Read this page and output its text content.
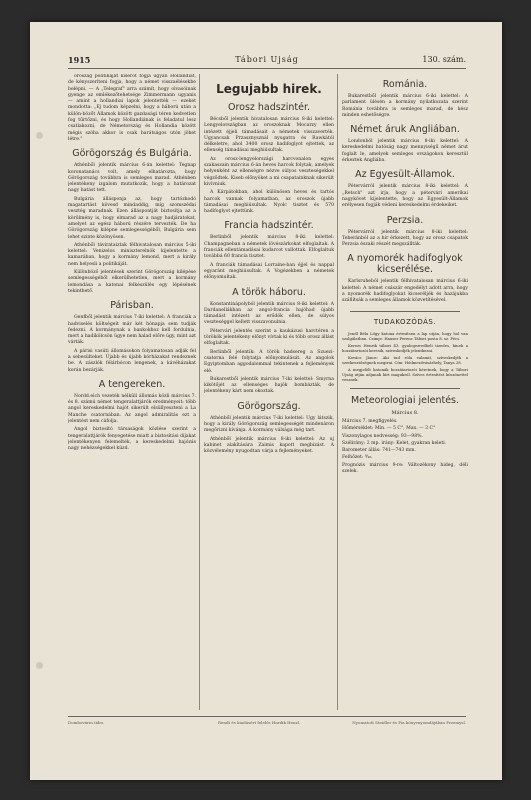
1915	Tábori Ujság	130. szám.

oroszág politikáját kisérőt fogja ugyan Hollandiát, de kényszeríteni fogja, hogy a német visszaélésekbe belépni. — A „Telegraf" arra számít, hogy olvasóinak gyenge az emlékezőtehetsége Zimmermann ugyanis — amint a hollandiai lapok jelentették — ezeket mondotta: „Ej tudom képzelni, hogy a háború után a külön-bözőt Államok között gazdasági téren kedvetlen fog tűrtőzni, és hogy Hollandiának is feladatul lesz csatlakozni, de Németország és Hollandia között mégis szóba akkor is csak barátságos utón jöhet létre."

Görögország és Bulgária.

Athénből jelentik március 6-án kelettel: Tegnap koronatanács volt, amely elhatározta, hogy Görögország továbbra is semleges marad. Athénben jelentékeny izgalom mutatkozik, hogy a határozat nagy hatást tett.

Bulgária állásponja az, hogy tartózkodó magatartást kövesd mindaddig, míg szomszédai vesztég maradnak. Ezen álláspontját biztosítja az a körülmény is, hogy elmarad az a nagy hadjáratokat, amelyet az egész háború részére tervezték. De ha Görögország kilépne semlegességéből, Bulgária sem lehet szinte közönyösen.

Athénből távirataiztak félhivatalosan március 5-iki kelettel: Venizelos miniszterelnök kijelentette a kamarában, hogy a kormány lemond, mert a király nem helyesli a politikáját.

Különböző jelentések szerint Görögország kilépése semlegességéből elkerülhetetlen, mert a kormány lemondása a katonai felkészülés egy lépésének tekinthető.

Párisban.

Genfből jelentik március 7-iki kelettel: A franciák a hadviselés költségeit már két hónapja sem tudják fedezni. A kormánynak a bankokhoz kell fordulnia, mert a hadikölcsön ügye nem halad előre úgy, mint azt várták.

A párisi vasúti állomásokon folyamatosan adják fel a sebesülteket. Újabb és újabb kórházakat rendeznek be. A zászlók félárbócon lengenek, a kávéházakat korán bezárják.

A tengereken.

Nordd.eich vezeték nélküli állomás közli március 7. és 8. számú német tengeralattjárók eredményeit: több angol kereskedelmi hajót sikerült elsüllyeszteni a La Manche csatornában. Az angol admiralitás ezt a jelentést nem cáfolja.

Angol biztosító társaságok közlése szerint a tengeralattjárók fenyegetése miatt a biztosítási díjakat jelentékenyen felemelték, a kereskedelmi hajózás nagy nehézségekkel küzd.

Legujabb hirek.
Orosz hadszintér.

Bécsből jelentik hivatalosan március 8-iki kelettel: Lengyelországban az oroszoknak Mocarzy ellen intézett éjjeli támadásait a németek visszaverték. Ugyancsak Przasznysznál nyugatra és Rawkától délkeletre, ahol 3400 orosz hadifoglyot ejtettek, az ellenség támadásai meghiúsultak.

Az orosz-lengyelországi harcvonalon egyes szakaszain március 6-án heves harcok folytak, amelyek helyenként az ellenségre nézve súlyos veszteségekkel végződtek. Kiseb előnyöket a mi csapatainknak sikerült kivívniuk.

A Kárpátokban, ahol különösen heves és tartós harcok vannak folyamatban, az oroszok újabb támadásai meghiúsultak. Nyolc tisztet és 570 hadifoglyot ejtettünk.

Francia hadszintér.

Berlinből jelentik március 8-iki kelettel: Champagneban a németek lövészárkokat elfoglaltak. A franciák ellentámadásai kudarcot vallottak. Elfoglaltuk továbbá 60 francia tisztet.

A franciák támadásai Lorraine-ban éjjel és nappal egyaránt meghiúsultak. A Vogézekben a németek előnyomultak.

A török háboru.

Konstantinápolyból jelentik március 8-iki kelettel: A Dardanellákban az angol-francia hajóhad újabb támadást intézett az erődök ellen, de súlyos veszteséggel kellett visszavonulnia.

Pétervári jelentés szerint a kaukázusi harctéren a törökök jelentékeny előnyt vívtak ki és több orosz állást elfoglaltak.

Berlinből jelentik: A török hadsereg a Szuezi-csatorna felé folytatja előnyomulását. Az angolok Egyiptomban aggodalommal tekintenek a fejlemények elé.

Bukarestből jelentik március 7-iki kelettel: Smyrna kikötőjét az ellenséges hajók bombázták, de jelentékeny kárt nem okoztak.

Görögország.

Athénből jelentik március 7-iki kelettel: Ugy látszik, hogy a király Görögország semlegességét mindenáron megőrizni kívánja. A kormány válsága még tart.

Athénből jelentik március 8-iki kelettel: Az uj kabinet alakítására Zaimis kapott megbízást. A közvélemény nyugodtan várja a fejleményeket.

Románia.

Bukarestből jelentik március 6-iki kelettel: A parlament ülésén a kormány nyilatkozata szerint Románia továbbra is semleges marad, de kész minden eshetőségre.

Német áruk Angliában.

Londonból jelentik március 8-iki kelettel: A kereskedelmi hatóság nagy mennyiségű német árut foglalt le, amelyek semleges országokon keresztül érkeztek Angliába.

Az Egyesült-Államok.

Pétervárról jelentik március 8-iki kelettel: A „Retsch" azt irja, hogy a pétervári amerikai nagykövet kijelentette, hogy az Egyesült-Államok erélyesen fogják védeni kereskedelmi érdekeiket.

Perzsia.

Pétervárról jelentik március 8-iki kelettel: Teheránból az a hír érkezett, hogy az orosz csapatok Perzsia északi részét megszállták.

A nyomorék hadifoglyok kicserélése.

Karlsruheból jelentik félhivatalosan március 6-iki kelettel: A német császár engedélyt adott arra, hogy a nyomorék hadifoglyokat kicseréljék és hazájukba szállítsák a semleges államok közvetítésével.

TUDAKOZÓDÁS.

Jendl Béla Lőgy katona értesítsen a lap utján, hogy hol van szolgálatban. Czimje: Hauser Ferenc Tábori posta 8. sz. Pécs.

Kerezs Henrik tábori 43. gyalogezredbeli tizedes, kinek a hozzátartozói keresik, szíveskedjék jelentkezni.

Kovács János: Aki tud róla valamit, szíveskedjék a szerkesztőségnek megirni. Cím: Hódmezővásárhely, Tanya 28.

A megjelölt katonák hozzátartozói kéretnek, hogy a Tábori Ujság utján adjanak hírt magukról. Szíves értesítést köszönettel vesznek.

Meteorologiai jelentés.
Március 8.

Március 7. megfigyelés.

Hőmérséklet: Min. — 5 C°, Max. — 3 C°

Viszonylagos nedvesség: 93—98%.

Szélirány: 2 mp. irány: Kelet, gyakran keleti.

Barometer állás: 741—743 mm.

Felhőzet: ⁸⁄₁₀.

Prognózis március 9-re: Változékony hideg, déli szelek.

Dombovárin tábo.	Rendt és kiadásért felelős Hardik Henzl.	Nyomatott Steidler és Fia könyvnyomdájában Przemysl.
